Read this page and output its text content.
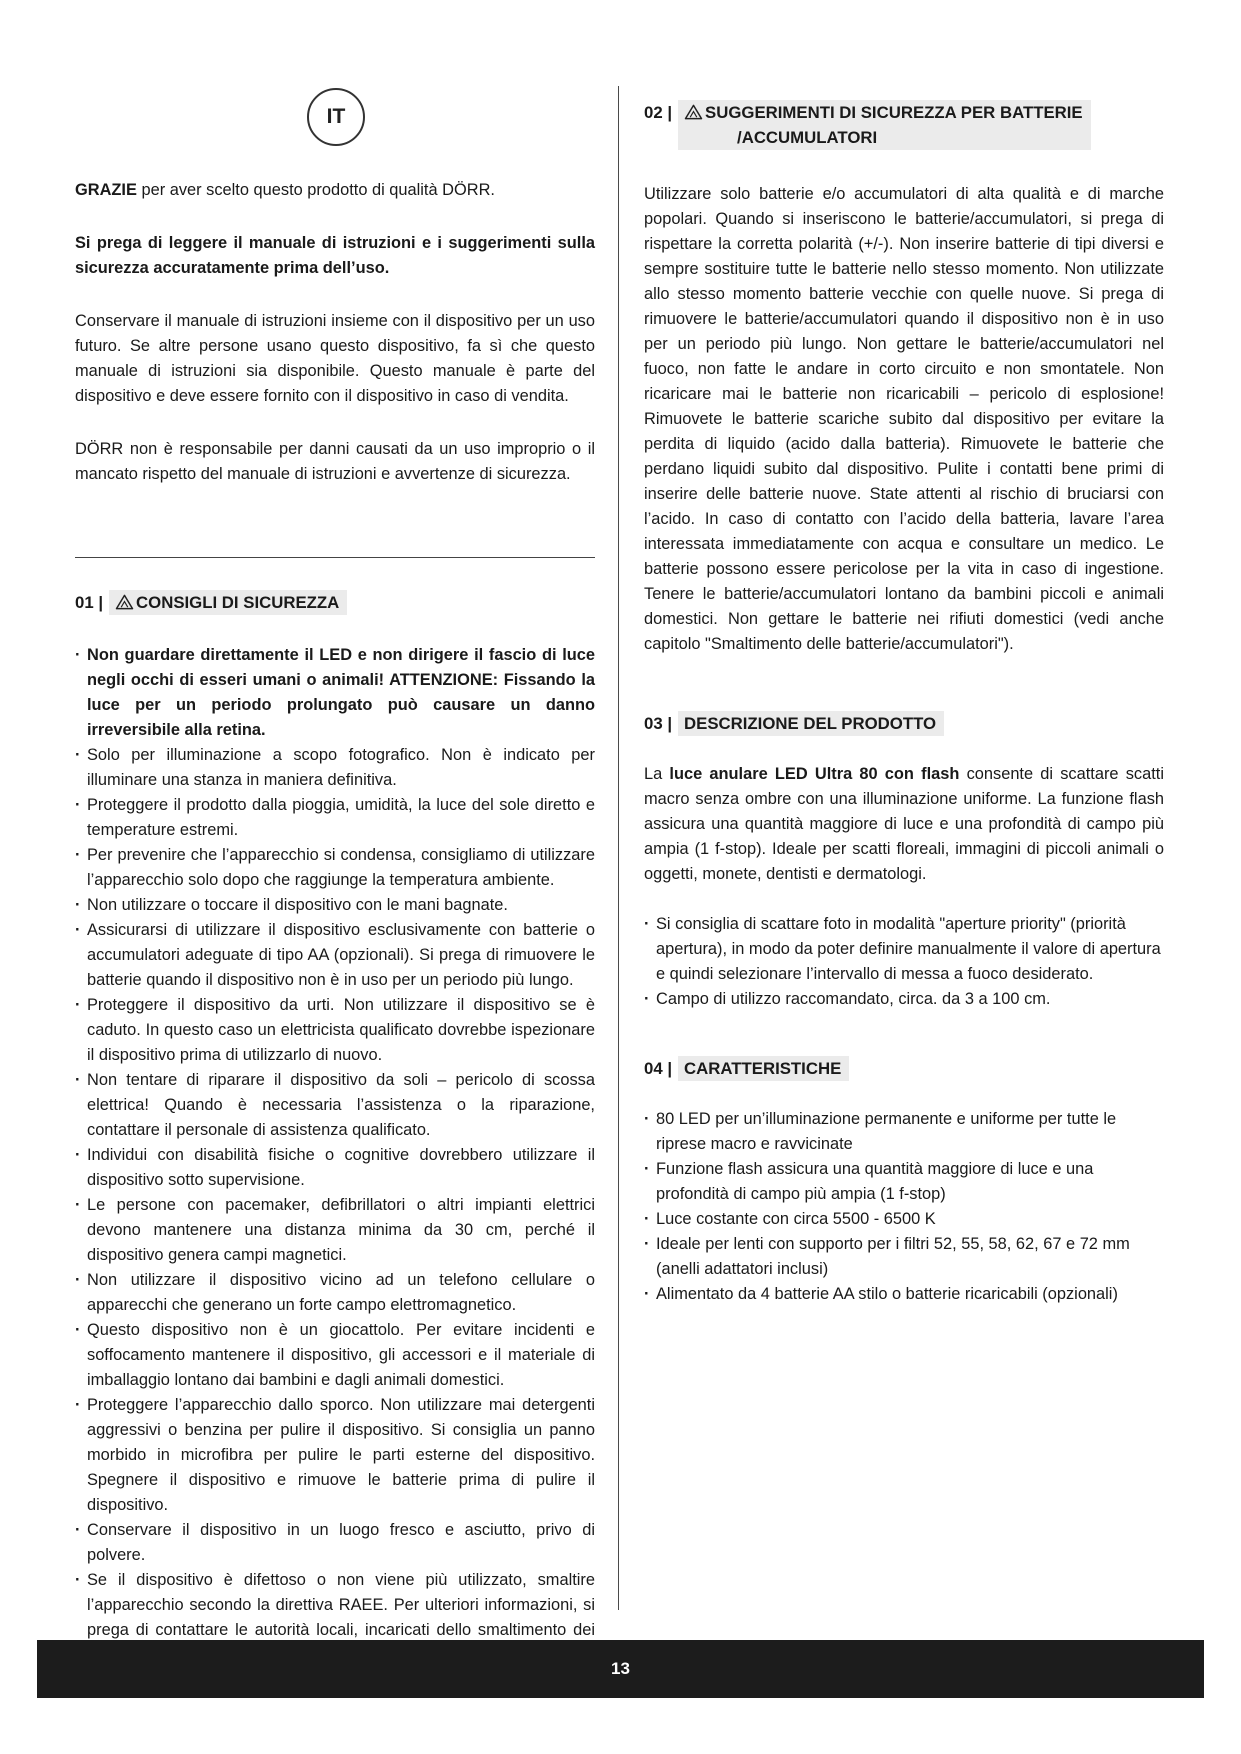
IT

GRAZIE per aver scelto questo prodotto di qualità DÖRR.

Si prega di leggere il manuale di istruzioni e i suggerimenti sulla sicurezza accuratamente prima dell’uso.

Conservare il manuale di istruzioni insieme con il dispositivo per un uso futuro. Se altre persone usano questo dispositivo, fa sì che questo manuale di istruzioni sia disponibile. Questo manuale è parte del dispositivo e deve essere fornito con il dispositivo in caso di vendita.

DÖRR non è responsabile per danni causati da un uso improprio o il mancato rispetto del manuale di istruzioni e avvertenze di sicurezza.

01 | CONSIGLI DI SICUREZZA
· Non guardare direttamente il LED e non dirigere il fascio di luce negli occhi di esseri umani o animali! ATTENZIONE: Fissando la luce per un periodo prolungato può causare un danno irreversibile alla retina.
· Solo per illuminazione a scopo fotografico. Non è indicato per illuminare una stanza in maniera definitiva.
· Proteggere il prodotto dalla pioggia, umidità, la luce del sole diretto e temperature estremi.
· Per prevenire che l’apparecchio si condensa, consigliamo di utilizzare l’apparecchio solo dopo che raggiunge la temperatura ambiente.
· Non utilizzare o toccare il dispositivo con le mani bagnate.
· Assicurarsi di utilizzare il dispositivo esclusivamente con batterie o accumulatori adeguate di tipo AA (opzionali). Si prega di rimuovere le batterie quando il dispositivo non è in uso per un periodo più lungo.
· Proteggere il dispositivo da urti. Non utilizzare il dispositivo se è caduto. In questo caso un elettricista qualificato dovrebbe ispezionare il dispositivo prima di utilizzarlo di nuovo.
· Non tentare di riparare il dispositivo da soli – pericolo di scossa elettrica! Quando è necessaria l’assistenza o la riparazione, contattare il personale di assistenza qualificato.
· Individui con disabilità fisiche o cognitive dovrebbero utilizzare il dispositivo sotto supervisione.
· Le persone con pacemaker, defibrillatori o altri impianti elettrici devono mantenere una distanza minima da 30 cm, perché il dispositivo genera campi magnetici.
· Non utilizzare il dispositivo vicino ad un telefono cellulare o apparecchi che generano un forte campo elettromagnetico.
· Questo dispositivo non è un giocattolo. Per evitare incidenti e soffocamento mantenere il dispositivo, gli accessori e il materiale di imballaggio lontano dai bambini e dagli animali domestici.
· Proteggere l’apparecchio dallo sporco. Non utilizzare mai detergenti aggressivi o benzina per pulire il dispositivo. Si consiglia un panno morbido in microfibra per pulire le parti esterne del dispositivo. Spegnere il dispositivo e rimuove le batterie prima di pulire il dispositivo.
· Conservare il dispositivo in un luogo fresco e asciutto, privo di polvere.
· Se il dispositivo è difettoso o non viene più utilizzato, smaltire l’apparecchio secondo la direttiva RAEE. Per ulteriori informazioni, si prega di contattare le autorità locali, incaricati dello smaltimento dei
02 | SUGGERIMENTI DI SICUREZZA PER BATTERIE
/ACCUMULATORI

Utilizzare solo batterie e/o accumulatori di alta qualità e di marche popolari. Quando si inseriscono le batterie/accumulatori, si prega di rispettare la corretta polarità (+/-). Non inserire batterie di tipi diversi e sempre sostituire tutte le batterie nello stesso momento. Non utilizzate allo stesso momento batterie vecchie con quelle nuove. Si prega di rimuovere le batterie/accumulatori quando il dispositivo non è in uso per un periodo più lungo. Non gettare le batterie/accumulatori nel fuoco, non fatte le andare in corto circuito e non smontatele. Non ricaricare mai le batterie non ricaricabili – pericolo di esplosione! Rimuovete le batterie scariche subito dal dispositivo per evitare la perdita di liquido (acido dalla batteria). Rimuovete le batterie che perdano liquidi subito dal dispositivo. Pulite i contatti bene primi di inserire delle batterie nuove. State attenti al rischio di bruciarsi con l’acido. In caso di contatto con l’acido della batteria, lavare l’area interessata immediatamente con acqua e consultare un medico. Le batterie possono essere pericolose per la vita in caso di ingestione. Tenere le batterie/accumulatori lontano da bambini piccoli e animali domestici. Non gettare le batterie nei rifiuti domestici (vedi anche capitolo "Smaltimento delle batterie/accumulatori").

03 | DESCRIZIONE DEL PRODOTTO

La luce anulare LED Ultra 80 con flash consente di scattare scatti macro senza ombre con una illuminazione uniforme. La funzione flash assicura una quantità maggiore di luce e una profondità di campo più ampia (1 f-stop). Ideale per scatti floreali, immagini di piccoli animali o oggetti, monete, dentisti e dermatologi.

· Si consiglia di scattare foto in modalità "aperture priority" (priorità apertura), in modo da poter definire manualmente il valore di apertura e quindi selezionare l’intervallo di messa a fuoco desiderato.
· Campo di utilizzo raccomandato, circa. da 3 a 100 cm.
04 | CARATTERISTICHE
· 80 LED per un’illuminazione permanente e uniforme per tutte le riprese macro e ravvicinate
· Funzione flash assicura una quantità maggiore di luce e una profondità di campo più ampia (1 f-stop)
· Luce costante con circa 5500 - 6500 K
· Ideale per lenti con supporto per i filtri 52, 55, 58, 62, 67 e 72 mm (anelli adattatori inclusi)
· Alimentato da 4 batterie AA stilo o batterie ricaricabili (opzionali)
13
